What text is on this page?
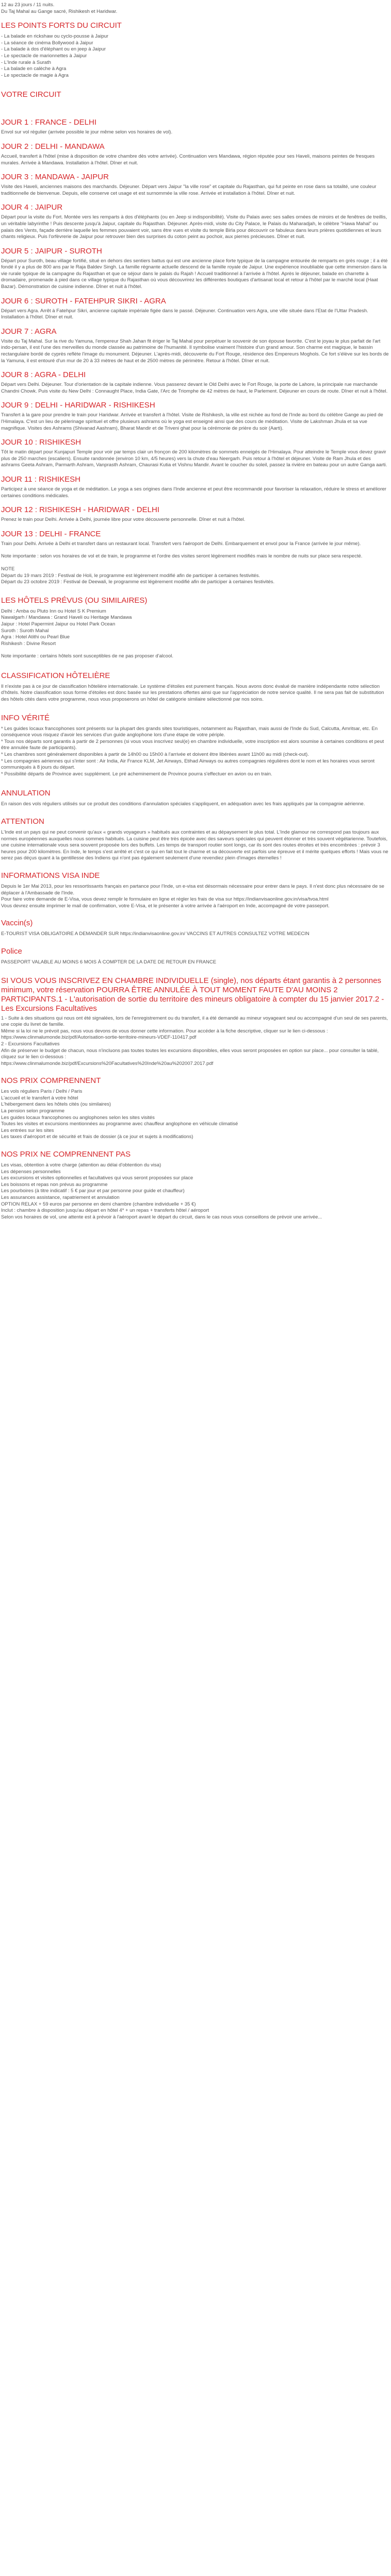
12 au 23 jours / 11 nuits.

Du Taj Mahal au Gange sacré, Rishikesh et Haridwar.

LES POINTS FORTS DU CIRCUIT

- La balade en rickshaw ou cyclo-pousse à Jaipur

- La séance de cinéma Bollywood à Jaipur

- La balade à dos d'éléphant ou en jeep à Jaipur

- Le spectacle de marionnettes à Jaipur

- L'Inde rurale à Surath

- La balade en calèche à Agra

- Le spectacle de magie à Agra

VOTRE CIRCUIT
JOUR 1 : FRANCE - DELHI

Envol sur vol régulier (arrivée possible le jour même selon vos horaires de vol).

JOUR 2 : DELHI - MANDAWA

Accueil, transfert à l'hôtel (mise à disposition de votre chambre dès votre arrivée). Continuation vers Mandawa, région réputée pour ses Haveli, maisons peintes de fresques murales. Arrivée à Mandawa. Installation à l'hôtel. Dîner et nuit.

JOUR 3 : MANDAWA - JAIPUR

Visite des Haveli, anciennes maisons des marchands. Déjeuner. Départ vers Jaipur "la ville rose" et capitale du Rajasthan, qui fut peinte en rose dans sa totalité, une couleur traditionnelle de bienvenue. Depuis, elle conserve cet usage et est surnommée la ville rose. Arrivée et installation à l'hôtel. Dîner et nuit.

JOUR 4 : JAIPUR

Départ pour la visite du Fort. Montée vers les remparts à dos d'éléphants (ou en Jeep si indisponibilité). Visite du Palais avec ses salles ornées de miroirs et de fenêtres de treillis, un véritable labyrinthe ! Puis descente jusqu'à Jaipur, capitale du Rajasthan. Déjeuner. Après-midi, visite du City Palace, le Palais du Maharadjah, le célèbre "Hawa Mahal" ou palais des Vents, façade derrière laquelle les femmes pouvaient voir, sans être vues et visite du temple Birla pour découvrir ce fabuleux dans leurs prières quotidiennes et leurs chants religieux. Puis l'orfèvrerie de Jaipur pour retrouver bien des surprises du coton peint au pochoir, aux pierres précieuses. Dîner et nuit.

JOUR 5 : JAIPUR - SUROTH

Départ pour Suroth, beau village fortifié, situé en dehors des sentiers battus qui est une ancienne place forte typique de la campagne entourée de remparts en grès rouge ; il a été fondé il y a plus de 800 ans par le Raja Baldev Singh. La famille régnante actuelle descend de la famille royale de Jaipur. Une expérience inoubliable que cette immersion dans la vie rurale typique de la campagne du Rajasthan et que ce séjour dans le palais du Rajah ! Accueil traditionnel à l'arrivée à l'hôtel. Après le déjeuner, balade en charrette à dromadaire, promenade à pied dans ce village typique du Rajasthan où vous découvrirez les différentes boutiques d'artisanat local et retour à l'hôtel par le marché local (Haat Bazar). Démonstration de cuisine indienne. Dîner et nuit à l'hôtel.

JOUR 6 : SUROTH - FATEHPUR SIKRI - AGRA

Départ vers Agra. Arrêt à Fatehpur Sikri, ancienne capitale impériale figée dans le passé. Déjeuner. Continuation vers Agra, une ville située dans l'Etat de l'Uttar Pradesh. Installation à l'hôtel. Dîner et nuit.

JOUR 7 : AGRA

Visite du Taj Mahal. Sur la rive du Yamuna, l'empereur Shah Jahan fit ériger le Taj Mahal pour perpétuer le souvenir de son épouse favorite. C'est le joyau le plus parfait de l'art indo-persan, il est l'une des merveilles du monde classée au patrimoine de l'humanité. Il symbolise vraiment l'histoire d'un grand amour. Son charme est magique, le bassin rectangulaire bordé de cyprès reflète l'image du monument. Déjeuner. L'après-midi, découverte du Fort Rouge, résidence des Empereurs Moghols. Ce fort s'élève sur les bords de la Yamuna, il est entouré d'un mur de 20 à 33 mètres de haut et de 2500 mètres de périmètre. Retour à l'hôtel. Dîner et nuit.

JOUR 8 : AGRA - DELHI

Départ vers Delhi. Déjeuner. Tour d'orientation de la capitale indienne. Vous passerez devant le Old Delhi avec le Fort Rouge, la porte de Lahore, la principale rue marchande Chandni Chowk. Puis visite du New Delhi : Connaught Place, India Gate, l'Arc de Triomphe de 42 mètres de haut, le Parlement. Déjeuner en cours de route. Dîner et nuit à l'hôtel.

JOUR 9 : DELHI - HARIDWAR - RISHIKESH

Transfert à la gare pour prendre le train pour Haridwar. Arrivée et transfert à l'hôtel. Visite de Rishikesh, la ville est nichée au fond de l'Inde au bord du célèbre Gange au pied de l'Himalaya. C'est un lieu de pèlerinage spirituel et offre plusieurs ashrams où le yoga est enseigné ainsi que des cours de méditation. Visite de Lakshman Jhula et sa vue magnifique. Visites des Ashrams (Shivanad Aashram), Bharat Mandir et de Triveni ghat pour la cérémonie de prière du soir (Aarti).

JOUR 10 : RISHIKESH

Tôt le matin départ pour Kunjapuri Temple pour voir par temps clair un fronçon de 200 kilomètres de sommets enneigés de l'Himalaya. Pour atteindre le Temple vous devez gravir plus de 250 marches (escaliers). Ensuite randonnée (environ 10 km, 4/5 heures) vers la chute d'eau Neergarh. Puis retour à l'hôtel et déjeuner. Visite de Ram Jhula et des ashrams Geeta Ashram, Parmarth Ashram, Vanprasth Ashram, Chaurasi Kutia et Vishnu Mandir. Avant le coucher du soleil, passez la rivière en bateau pour un autre Ganga aarti.

JOUR 11 : RISHIKESH

Participez à une séance de yoga et de méditation. Le yoga a ses origines dans l'Inde ancienne et peut être recommandé pour favoriser la relaxation, réduire le stress et améliorer certaines conditions médicales.

JOUR 12 : RISHIKESH - HARIDWAR - DELHI

Prenez le train pour Delhi. Arrivée à Delhi, journée libre pour votre découverte personnelle. Dîner et nuit à l'hôtel.

JOUR 13 : DELHI - FRANCE

Train pour Delhi. Arrivée à Delhi et transfert dans un restaurant local. Transfert vers l'aéroport de Delhi. Embarquement et envol pour la France (arrivée le jour même).

Note importante : selon vos horaires de vol et de train, le programme et l'ordre des visites seront légèrement modifiés mais le nombre de nuits sur place sera respecté.

NOTE

Départ du 19 mars 2019 : Festival de Holi, le programme est légèrement modifié afin de participer à certaines festivités.

Départ du 23 octobre 2019 : Festival de Deewali, le programme est légèrement modifié afin de participer à certaines festivités.

LES HÔTELS PRÉVUS (OU SIMILAIRES)

Delhi : Amba ou Pluto Inn ou Hotel S K Premium

Nawalgarh / Mandawa : Grand Haveli ou Heritage Mandawa

Jaipur : Hotel Papermint Jaipur ou Hotel Park Ocean

Suroth : Suroth Mahal

Agra : Hotel Atithi ou Pearl Blue

Rishikesh : Divine Resort

Note importante : certains hôtels sont susceptibles de ne pas proposer d'alcool.

CLASSIFICATION HÔTELIÈRE

Il n'existe pas à ce jour de classification hôtelière internationale. Le système d'étoiles est purement français. Nous avons donc évalué de manière indépendante notre sélection d'hôtels. Notre classification sous forme d'étoiles est donc basée sur les prestations offertes ainsi que sur l'appréciation de notre service qualité. Il ne sera pas fait de substitution des hôtels cités dans votre programme, nous vous proposerons un hôtel de catégorie similaire sélectionné par nos soins.

INFO VÉRITÉ

* Les guides locaux francophones sont présents sur la plupart des grands sites touristiques, notamment au Rajasthan, mais aussi de l'Inde du Sud, Calcutta, Amritsar, etc. En conséquence vous risquez d'avoir les services d'un guide anglophone lors d'une étape de votre périple.

* Tous nos départs sont garantis à partir de 2 personnes (si vous vous inscrivez seul(e) en chambre individuelle, votre inscription est alors soumise à certaines conditions et peut être annulée faute de participants).

* Les chambres sont généralement disponibles à partir de 14h00 ou 15h00 à l'arrivée et doivent être libérées avant 11h00 au midi (check-out).

* Les compagnies aériennes qui s'inter sont : Air India, Air France KLM, Jet Airways, Etihad Airways ou autres compagnies régulières dont le nom et les horaires vous seront communiqués à 8 jours du départ.

* Possibilité départs de Province avec supplément. Le pré acheminement de Province pourra s'effectuer en avion ou en train.

ANNULATION

En raison des vols réguliers utilisés sur ce produit des conditions d'annulation spéciales s'appliquent, en adéquation avec les frais appliqués par la compagnie aérienne.

ATTENTION

L'Inde est un pays qui ne peut convenir qu'aux « grands voyageurs » habitués aux contraintes et au dépaysement le plus total. L'Inde glamour ne correspond pas toujours aux normes européennes auxquelles nous sommes habitués. La cuisine peut être très épicée avec des saveurs spéciales qui peuvent étonner et très souvent végétarienne. Toutefois, une cuisine internationale vous sera souvent proposée lors des buffets. Les temps de transport routier sont longs, car ils sont des routes étroites et très encombrées : prévoir 3 heures pour 200 kilomètres. En Inde, le temps s'est arrêté et c'est ce qui en fait tout le charme et sa découverte est parfois une épreuve et il mérite quelques efforts ! Mais vous ne serez pas déçus quant à la gentillesse des Indiens qui n'ont pas également seulement d'une revendiez plein d'images éternelles !

INFORMATIONS VISA INDE

Depuis le 1er Mai 2013, pour les ressortissants français en partance pour l'Inde, un e-visa est désormais nécessaire pour entrer dans le pays. Il n'est donc plus nécessaire de se déplacer à l'Ambassade de l'Inde.

Pour faire votre demande de E-Visa, vous devez remplir le formulaire en ligne et régler les frais de visa sur https://indianvisaonline.gov.in/visa/tvoa.html

Vous devrez ensuite imprimer le mail de confirmation, votre E-Visa, et le présenter à votre arrivée à l'aéroport en Inde, accompagné de votre passeport.

Vaccin(s)

E-TOURIST VISA OBLIGATOIRE A DEMANDER SUR https://indianvisaonline.gov.in/ VACCINS ET AUTRES CONSULTEZ VOTRE MEDECIN

Police

PASSEPORT VALABLE AU MOINS 6 MOIS À COMPTER DE LA DATE DE RETOUR EN FRANCE

SI VOUS VOUS INSCRIVEZ EN CHAMBRE INDIVIDUELLE (single), nos départs étant garantis à 2 personnes minimum, votre réservation POURRA ÊTRE ANNULÉE À TOUT MOMENT FAUTE D'AU MOINS 2 PARTICIPANTS.1 - L'autorisation de sortie du territoire des mineurs obligatoire à compter du 15 janvier 2017.2 - Les Excursions Facultatives

1 - Suite à des situations qui nous ont été signalées, lors de l'enregistrement ou du transfert, il a été demandé au mineur voyageant seul ou accompagné d'un seul de ses parents, une copie du livret de famille.

Même si la loi ne le prévoit pas, nous vous devons de vous donner cette information. Pour accéder à la fiche descriptive, cliquer sur le lien ci-dessous :

https://www.clinmalumonde.biz/pdf/Autorisation-sortie-territoire-mineurs-VDEF-110417.pdf

2 - Excursions Facultatives

Afin de préserver le budget de chacun, nous n'incluons pas toutes toutes les excursions disponibles, elles vous seront proposées en option sur place... pour consulter la tablé, cliquez sur le lien ci-dessous :

https://www.clinmalumonde.biz/pdf/Excursions%20Facultatives%20Inde%20au%202007.2017.pdf

NOS PRIX COMPRENNENT

Les vols réguliers Paris / Delhi / Paris

L'accueil et le transfert à votre hôtel

L'hébergement dans les hôtels cités (ou similaires)

La pension selon programme

Les guides locaux francophones ou anglophones selon les sites visités

Toutes les visites et excursions mentionnées au programme avec chauffeur anglophone en véhicule climatisé

Les entrées sur les sites

Les taxes d'aéroport et de sécurité et frais de dossier (à ce jour et sujets à modifications)

NOS PRIX NE COMPRENNENT PAS

Les visas, obtention à votre charge (attention au délai d'obtention du visa)

Les dépenses personnelles

Les excursions et visites optionnelles et facultatives qui vous seront proposées sur place

Les boissons et repas non prévus au programme

Les pourboires (à titre indicatif : 5 € par jour et par personne pour guide et chauffeur)

Les assurances assistance, rapatriement et annulation

OPTION RELAX + 59 euros par personne en demi chambre (chambre individuelle + 35 €)

Inclut : chambre à disposition jusqu'au départ en hôtel 4* + un repas + transferts hôtel / aéroport

Selon vos horaires de vol, une attente est à prévoir à l'aéroport avant le départ du circuit, dans le cas nous vous conseillons de prévoir une arrivée...
